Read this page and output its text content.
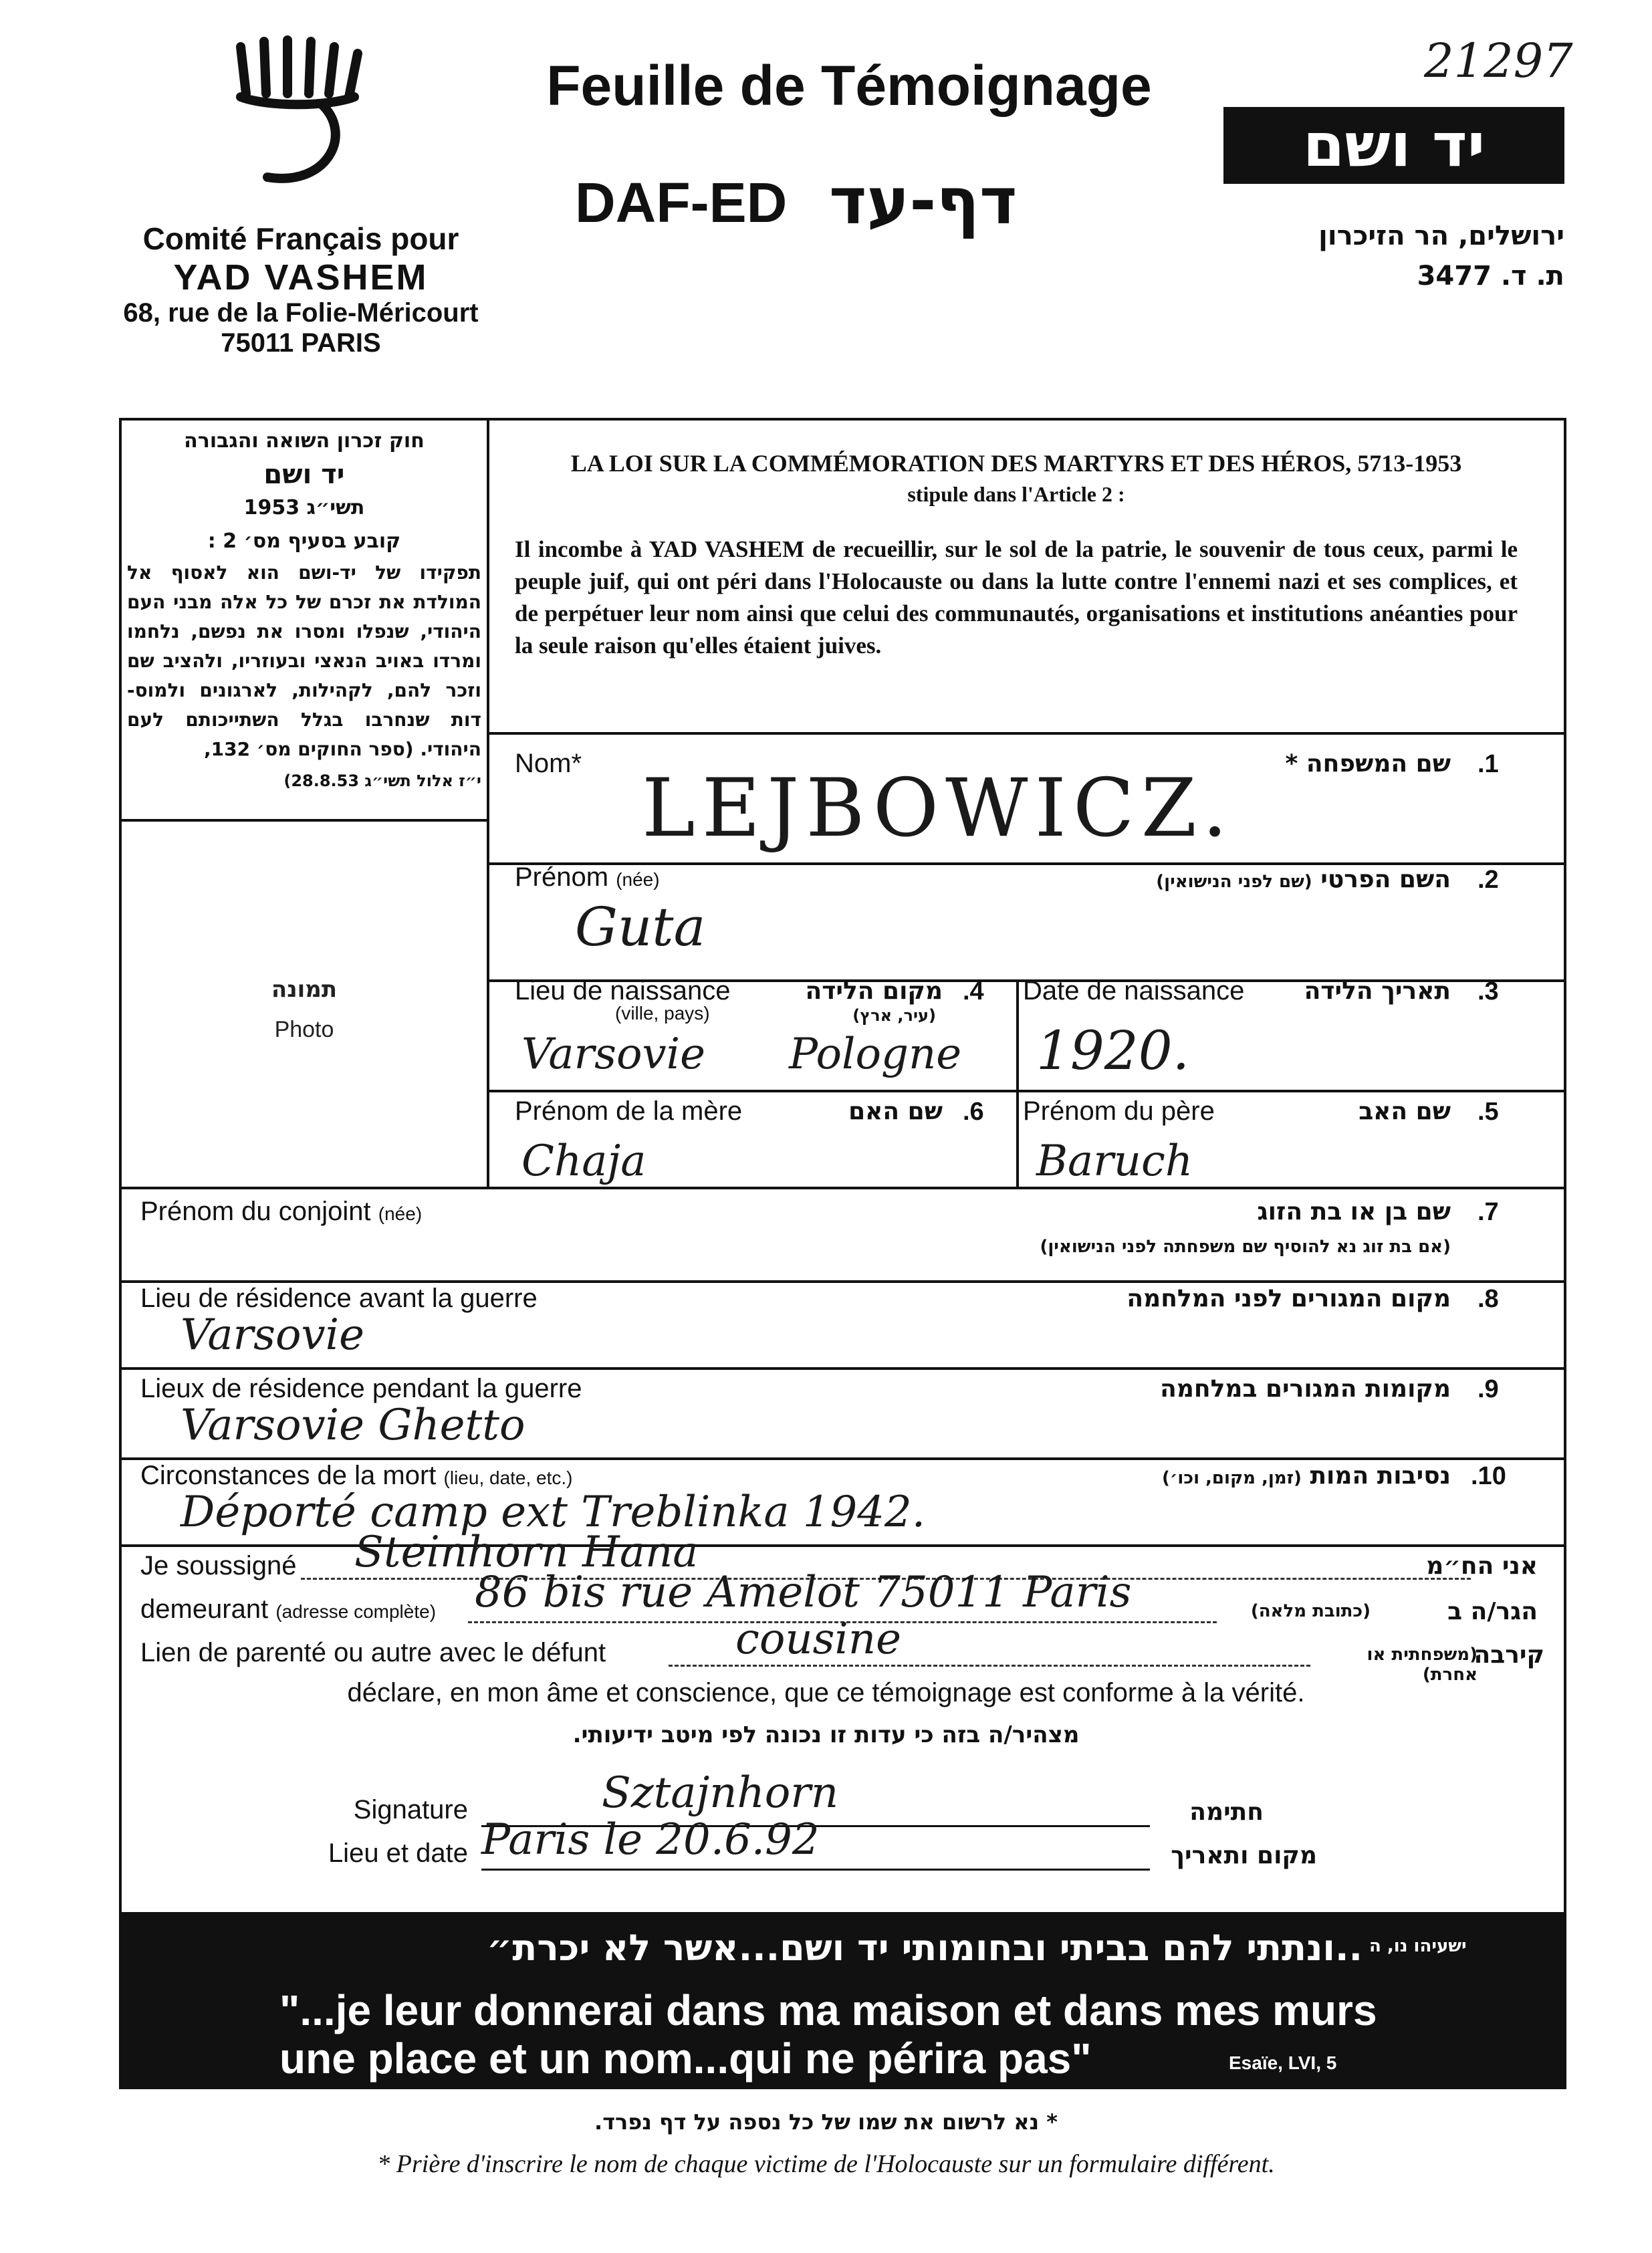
Comité Français pour
YAD VASHEM
68, rue de la Folie-Méricourt
75011 PARIS
Feuille de Témoignage
DAF-ED דף-עד
21297
יד ושם
ירושלים, הר הזיכרון
ת. ד. 3477
חוק זכרון השואה והגבורה
יד ושם
תשי״ג 1953
קובע בסעיף מס׳ 2 :
תפקידו של יד-ושם הוא לאסוף אל המולדת את זכרם של כל אלה מבני העם היהודי, שנפלו ומסרו את נפשם, נלחמו ומרדו באויב הנאצי ובעוזריו, ולהציב שם וזכר להם, לקהילות, לארגונים ולמוס- דות שנחרבו בגלל השתייכותם לעם היהודי. (ספר החוקים מס׳ 132,
י״ז אלול תשי״ג 28.8.53)
תמונה
Photo
LA LOI SUR LA COMMÉMORATION DES MARTYRS ET DES HÉROS, 5713-1953
stipule dans l'Article 2 :
Il incombe à YAD VASHEM de recueillir, sur le sol de la patrie, le souvenir de tous ceux, parmi le peuple juif, qui ont péri dans l'Holocauste ou dans la lutte contre l'ennemi nazi et ses complices, et de perpétuer leur nom ainsi que celui des communautés, organisations et institutions anéanties pour la seule raison qu'elles étaient juives.
Nom*	שם המשפחה * .1
LEJBOWICZ.
Prénom (née)	השם הפרטי (שם לפני הנישואין)	.2
Guta
Lieu de naissance
(ville, pays)
מקום הלידה
(עיר, ארץ)
.4
Varsovie Pologne
Date de naissance	תאריך הלידה .3
1920.
Prénom de la mère	שם האם .6
Chaja
Prénom du père	שם האב .5
Baruch
Prénom du conjoint (née)	שם בן או בת הזוג
(אם בת זוג נא להוסיף שם משפחתה לפני הנישואין)
.7
Lieu de résidence avant la guerre	מקום המגורים לפני המלחמה .8
Varsovie
Lieux de résidence pendant la guerre	מקומות המגורים במלחמה .9
Varsovie Ghetto
Circonstances de la mort (lieu, date, etc.)	נסיבות המות (זמן, מקום, וכו׳)	.10
Déporté camp ext Treblinka 1942.
Je soussigné Steinhorn Hana	אני הח״מ
demeurant (adresse complète) 86 bis rue Amelot 75011 Paris	(כתובת מלאה)	הגר/ה ב
Lien de parenté ou autre avec le défunt	cousine	(משפחתית או אחרת)
קירבה
déclare, en mon âme et conscience, que ce témoignage est conforme à la vérité.
מצהיר/ה בזה כי עדות זו נכונה לפי מיטב ידיעותי.
Signature	Sztajnhorn	חתימה
Lieu et date Paris le 20.6.92	מקום ותאריך
..ונתתי להם בביתי ובחומותי יד ושם...אשר לא יכרת״ ישעיהו נו, ה
"...je leur donnerai dans ma maison et dans mes murs
une place et un nom...qui ne périra pas"	Esaïe, LVI, 5
* נא לרשום את שמו של כל נספה על דף נפרד.
* Prière d'inscrire le nom de chaque victime de l'Holocauste sur un formulaire différent.
